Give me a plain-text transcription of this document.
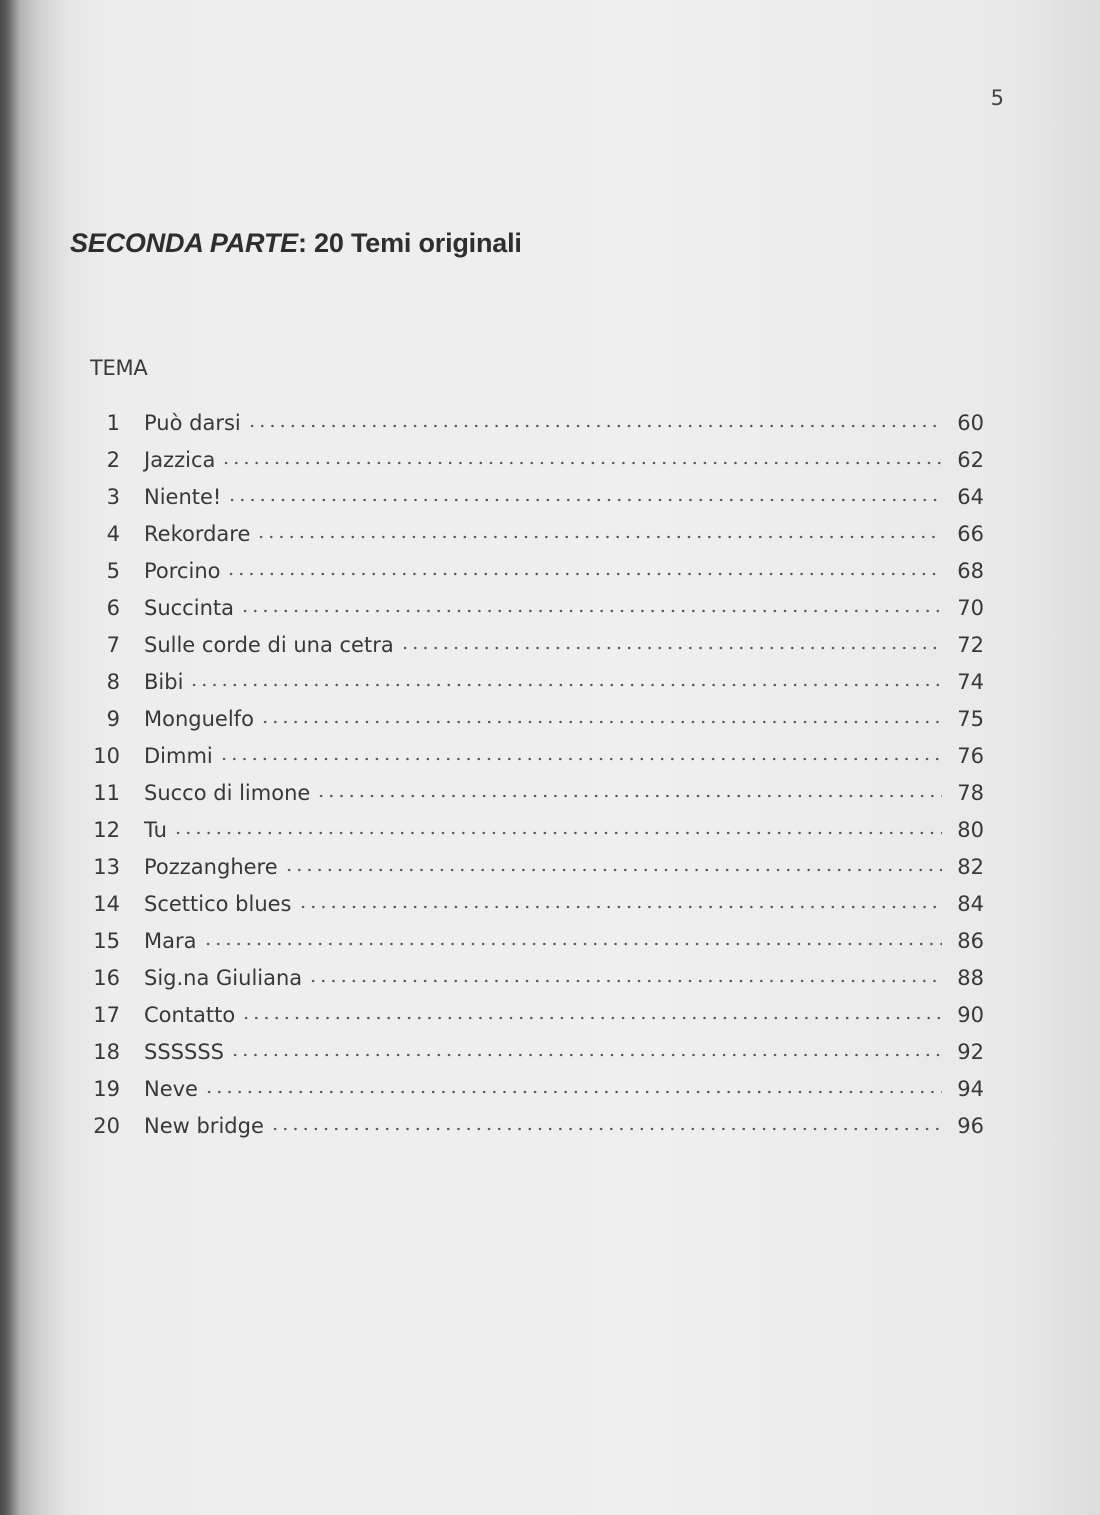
5
SECONDA PARTE: 20 Temi originali
TEMA
1 Può darsi	60
2 Jazzica	62
3 Niente!	64
4 Rekordare	66
5 Porcino	68
6 Succinta	70
7 Sulle corde di una cetra	72
8 Bibi	74
9 Monguelfo	75
10 Dimmi	76
11 Succo di limone	78
12 Tu	80
13 Pozzanghere	82
14 Scettico blues	84
15 Mara	86
16 Sig.na Giuliana	88
17 Contatto	90
18 SSSSSS	92
19 Neve	94
20 New bridge	96
